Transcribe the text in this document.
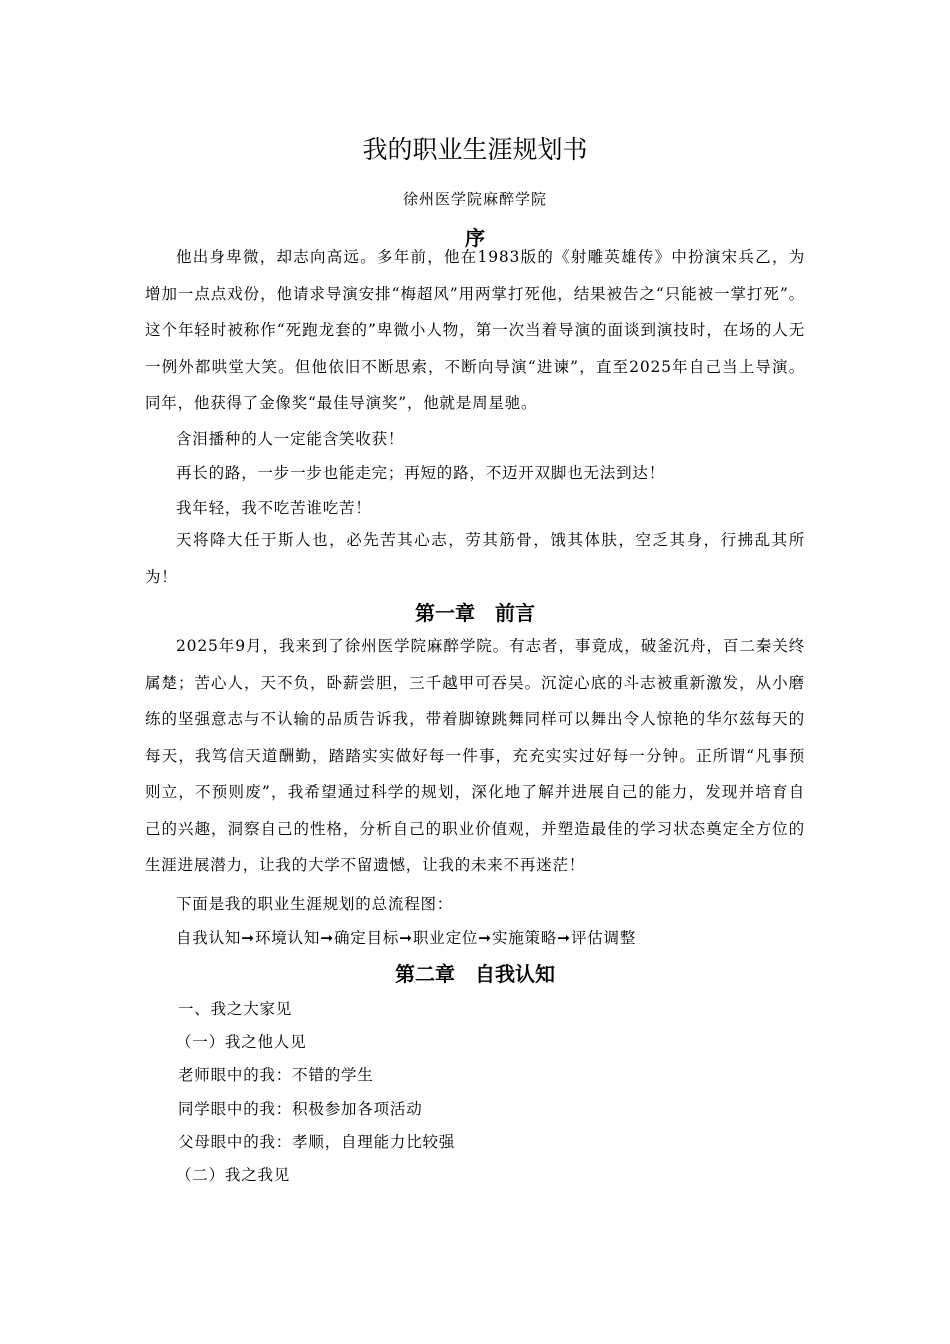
我的职业生涯规划书
徐州医学院麻醉学院
序

他出身卑微，却志向高远。多年前，他在1983版的《射雕英雄传》中扮演宋兵乙，为增加一点点戏份，他请求导演安排“梅超风”用两掌打死他，结果被告之“只能被一掌打死”。这个年轻时被称作“死跑龙套的”卑微小人物，第一次当着导演的面谈到演技时，在场的人无一例外都哄堂大笑。但他依旧不断思索，不断向导演“进谏”，直至2025年自己当上导演。同年，他获得了金像奖“最佳导演奖”，他就是周星驰。

含泪播种的人一定能含笑收获！

再长的路，一步一步也能走完；再短的路，不迈开双脚也无法到达！

我年轻，我不吃苦谁吃苦！

天将降大任于斯人也，必先苦其心志，劳其筋骨，饿其体肤，空乏其身，行拂乱其所为！

第一章　前言

2025年9月，我来到了徐州医学院麻醉学院。有志者，事竟成，破釜沉舟，百二秦关终属楚；苦心人，天不负，卧薪尝胆，三千越甲可吞吴。沉淀心底的斗志被重新激发，从小磨练的坚强意志与不认输的品质告诉我，带着脚镣跳舞同样可以舞出令人惊艳的华尔兹每天的每天，我笃信天道酬勤，踏踏实实做好每一件事，充充实实过好每一分钟。正所谓“凡事预则立，不预则废”，我希望通过科学的规划，深化地了解并进展自己的能力，发现并培育自己的兴趣，洞察自己的性格，分析自己的职业价值观，并塑造最佳的学习状态奠定全方位的生涯进展潜力，让我的大学不留遗憾，让我的未来不再迷茫！

下面是我的职业生涯规划的总流程图：

自我认知➞环境认知➞确定目标➞职业定位➞实施策略➞评估调整

第二章　自我认知

一、我之大家见

（一）我之他人见

老师眼中的我：不错的学生

同学眼中的我：积极参加各项活动

父母眼中的我：孝顺，自理能力比较强

（二）我之我见
